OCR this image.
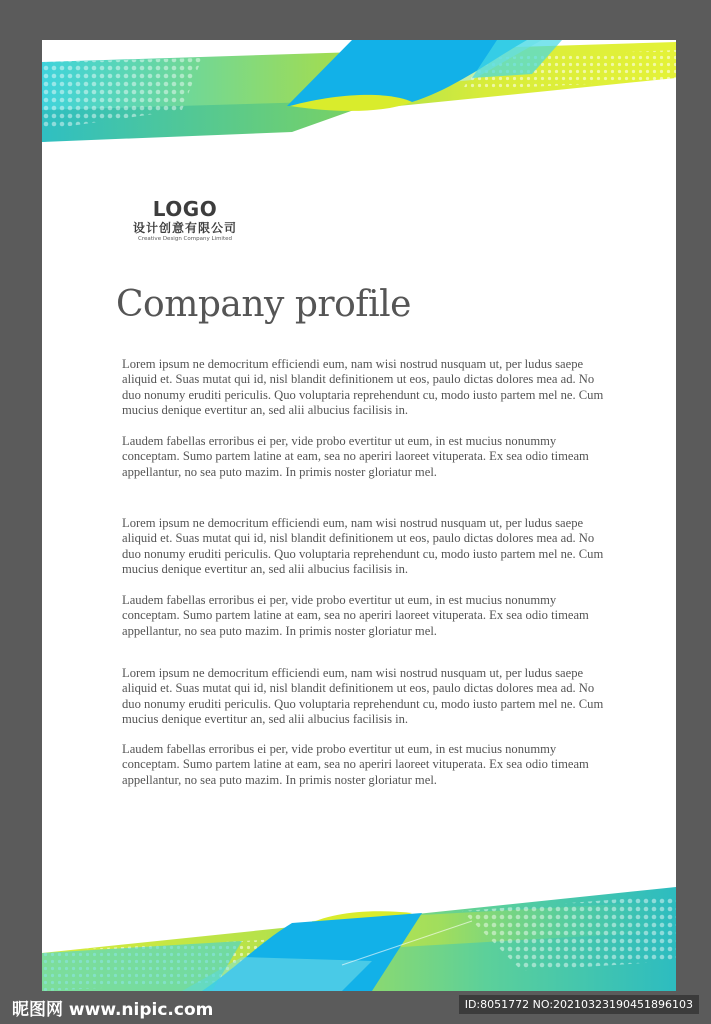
LOGO
设计创意有限公司
Creative Design Company Limited
Company profile

Lorem ipsum ne democritum efficiendi eum, nam wisi nostrud nusquam ut, per ludus saepe aliquid et. Suas mutat qui id, nisl blandit definitionem ut eos, paulo dictas dolores mea ad. No duo nonumy eruditi periculis. Quo voluptaria reprehendunt cu, modo iusto partem mel ne. Cum mucius denique evertitur an, sed alii albucius facilisis in.

Laudem fabellas erroribus ei per, vide probo evertitur ut eum, in est mucius nonummy conceptam. Sumo partem latine at eam, sea no aperiri laoreet vituperata. Ex sea odio timeam appellantur, no sea puto mazim. In primis noster gloriatur mel.

Lorem ipsum ne democritum efficiendi eum, nam wisi nostrud nusquam ut, per ludus saepe aliquid et. Suas mutat qui id, nisl blandit definitionem ut eos, paulo dictas dolores mea ad. No duo nonumy eruditi periculis. Quo voluptaria reprehendunt cu, modo iusto partem mel ne. Cum mucius denique evertitur an, sed alii albucius facilisis in.

Laudem fabellas erroribus ei per, vide probo evertitur ut eum, in est mucius nonummy conceptam. Sumo partem latine at eam, sea no aperiri laoreet vituperata. Ex sea odio timeam appellantur, no sea puto mazim. In primis noster gloriatur mel.

Lorem ipsum ne democritum efficiendi eum, nam wisi nostrud nusquam ut, per ludus saepe aliquid et. Suas mutat qui id, nisl blandit definitionem ut eos, paulo dictas dolores mea ad. No duo nonumy eruditi periculis. Quo voluptaria reprehendunt cu, modo iusto partem mel ne. Cum mucius denique evertitur an, sed alii albucius facilisis in.

Laudem fabellas erroribus ei per, vide probo evertitur ut eum, in est mucius nonummy conceptam. Sumo partem latine at eam, sea no aperiri laoreet vituperata. Ex sea odio timeam appellantur, no sea puto mazim. In primis noster gloriatur mel.

昵图网 www.nipic.com	ID:8051772 NO:20210323190451896103
